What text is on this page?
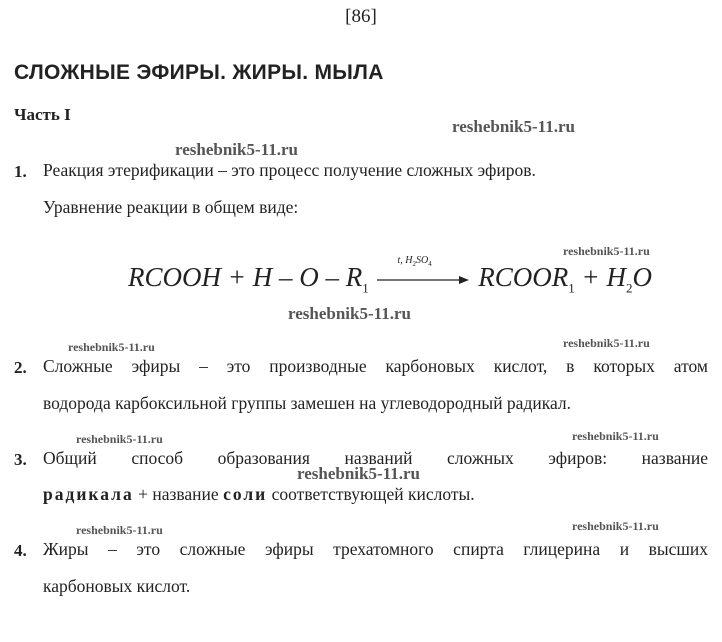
[86]
СЛОЖНЫЕ ЭФИРЫ. ЖИРЫ. МЫЛА
Часть I
reshebnik5-11.ru
reshebnik5-11.ru
reshebnik5-11.ru
reshebnik5-11.ru
reshebnik5-11.ru	reshebnik5-11.ru
reshebnik5-11.ru	reshebnik5-11.ru
reshebnik5-11.ru
reshebnik5-11.ru	reshebnik5-11.ru
1. Реакция этерификации – это процесс получение сложных эфиров.
Уравнение реакции в общем виде:
RCOOH + H – O – $R_1$
t, $H_2SO_4$ $RCOOR_1 + H_2O$
2. Сложные эфиры – это производные карбоновых кислот, в которых атом
водорода карбоксильной группы замешен на углеводородный радикал.
3. Общий способ образования названий сложных эфиров: название
радикала + название соли соответствующей кислоты.
4. Жиры – это сложные эфиры трехатомного спирта глицерина и высших
карбоновых кислот.
